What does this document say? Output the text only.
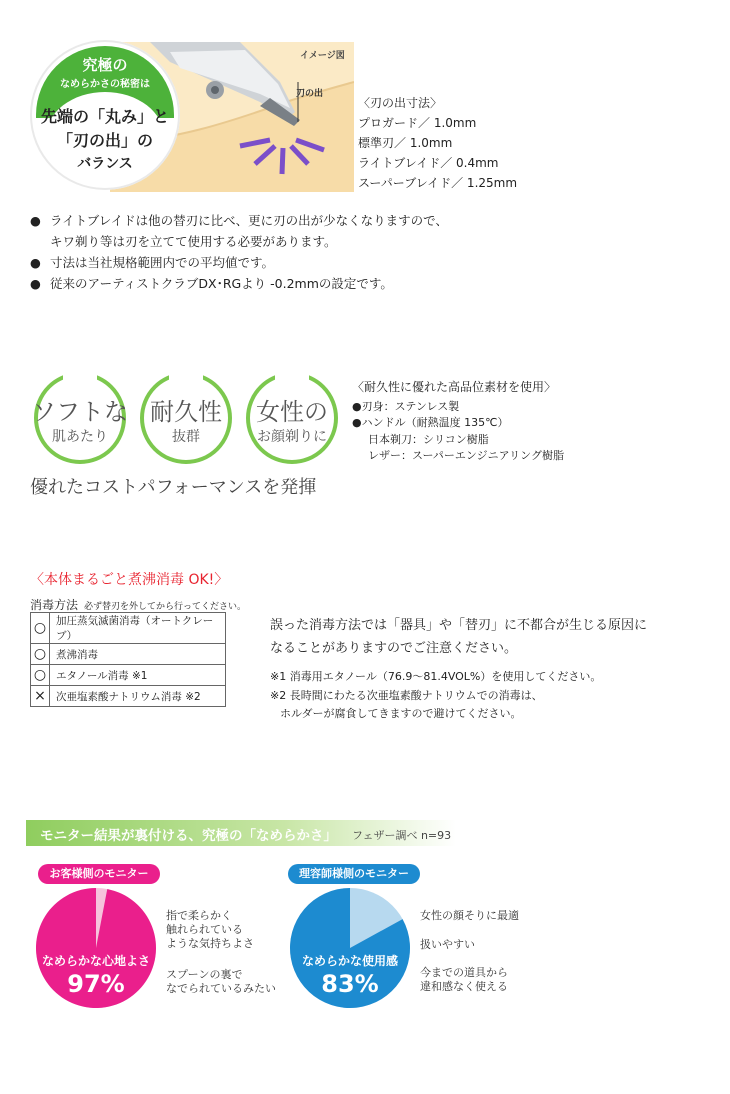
イメージ図
刃の出
究極の
なめらかさの秘密は
先端の「丸み」と
「刃の出」の
バランス
〈刃の出寸法〉
プロガード／ 1.0mm
標準刃／ 1.0mm
ライトブレイド／ 0.4mm
スーパーブレイド／ 1.25mm
● ライトブレイドは他の替刃に比べ、更に刃の出が少なくなりますので、
キワ剃り等は刃を立てて使用する必要があります。
● 寸法は当社規格範囲内での平均値です。
● 従来のアーティストクラブDX･RGより -0.2mmの設定です。
ソフトな
肌あたり
耐久性
抜群
女性の
お顔剃りに
優れたコストパフォーマンスを発揮
〈耐久性に優れた高品位素材を使用〉
●刃身：ステンレス製
●ハンドル（耐熱温度 135℃）
日本剃刀：シリコン樹脂
レザー：スーパーエンジニアリング樹脂
〈本体まるごと煮沸消毒 OK!〉
消毒方法 必ず替刃を外してから行ってください。
○	加圧蒸気滅菌消毒（オートクレーブ）
○	煮沸消毒
○	エタノール消毒 ※1
×	次亜塩素酸ナトリウム消毒 ※2
誤った消毒方法では「器具」や「替刃」に不都合が生じる原因に
なることがありますのでご注意ください。
※1 消毒用エタノール（76.9～81.4VOL%）を使用してください。
※2 長時間にわたる次亜塩素酸ナトリウムでの消毒は、
ホルダーが腐食してきますので避けてください。
モニター結果が裏付ける、究極の「なめらかさ」 フェザー調べ n=93
お客様側のモニター
なめらかな心地よさ
97%
指で柔らかく
触れられている
ような気持ちよさ
スプーンの裏で
なでられているみたい
理容師様側のモニター
なめらかな使用感
83%
女性の顔そりに最適
扱いやすい
今までの道具から
違和感なく使える
